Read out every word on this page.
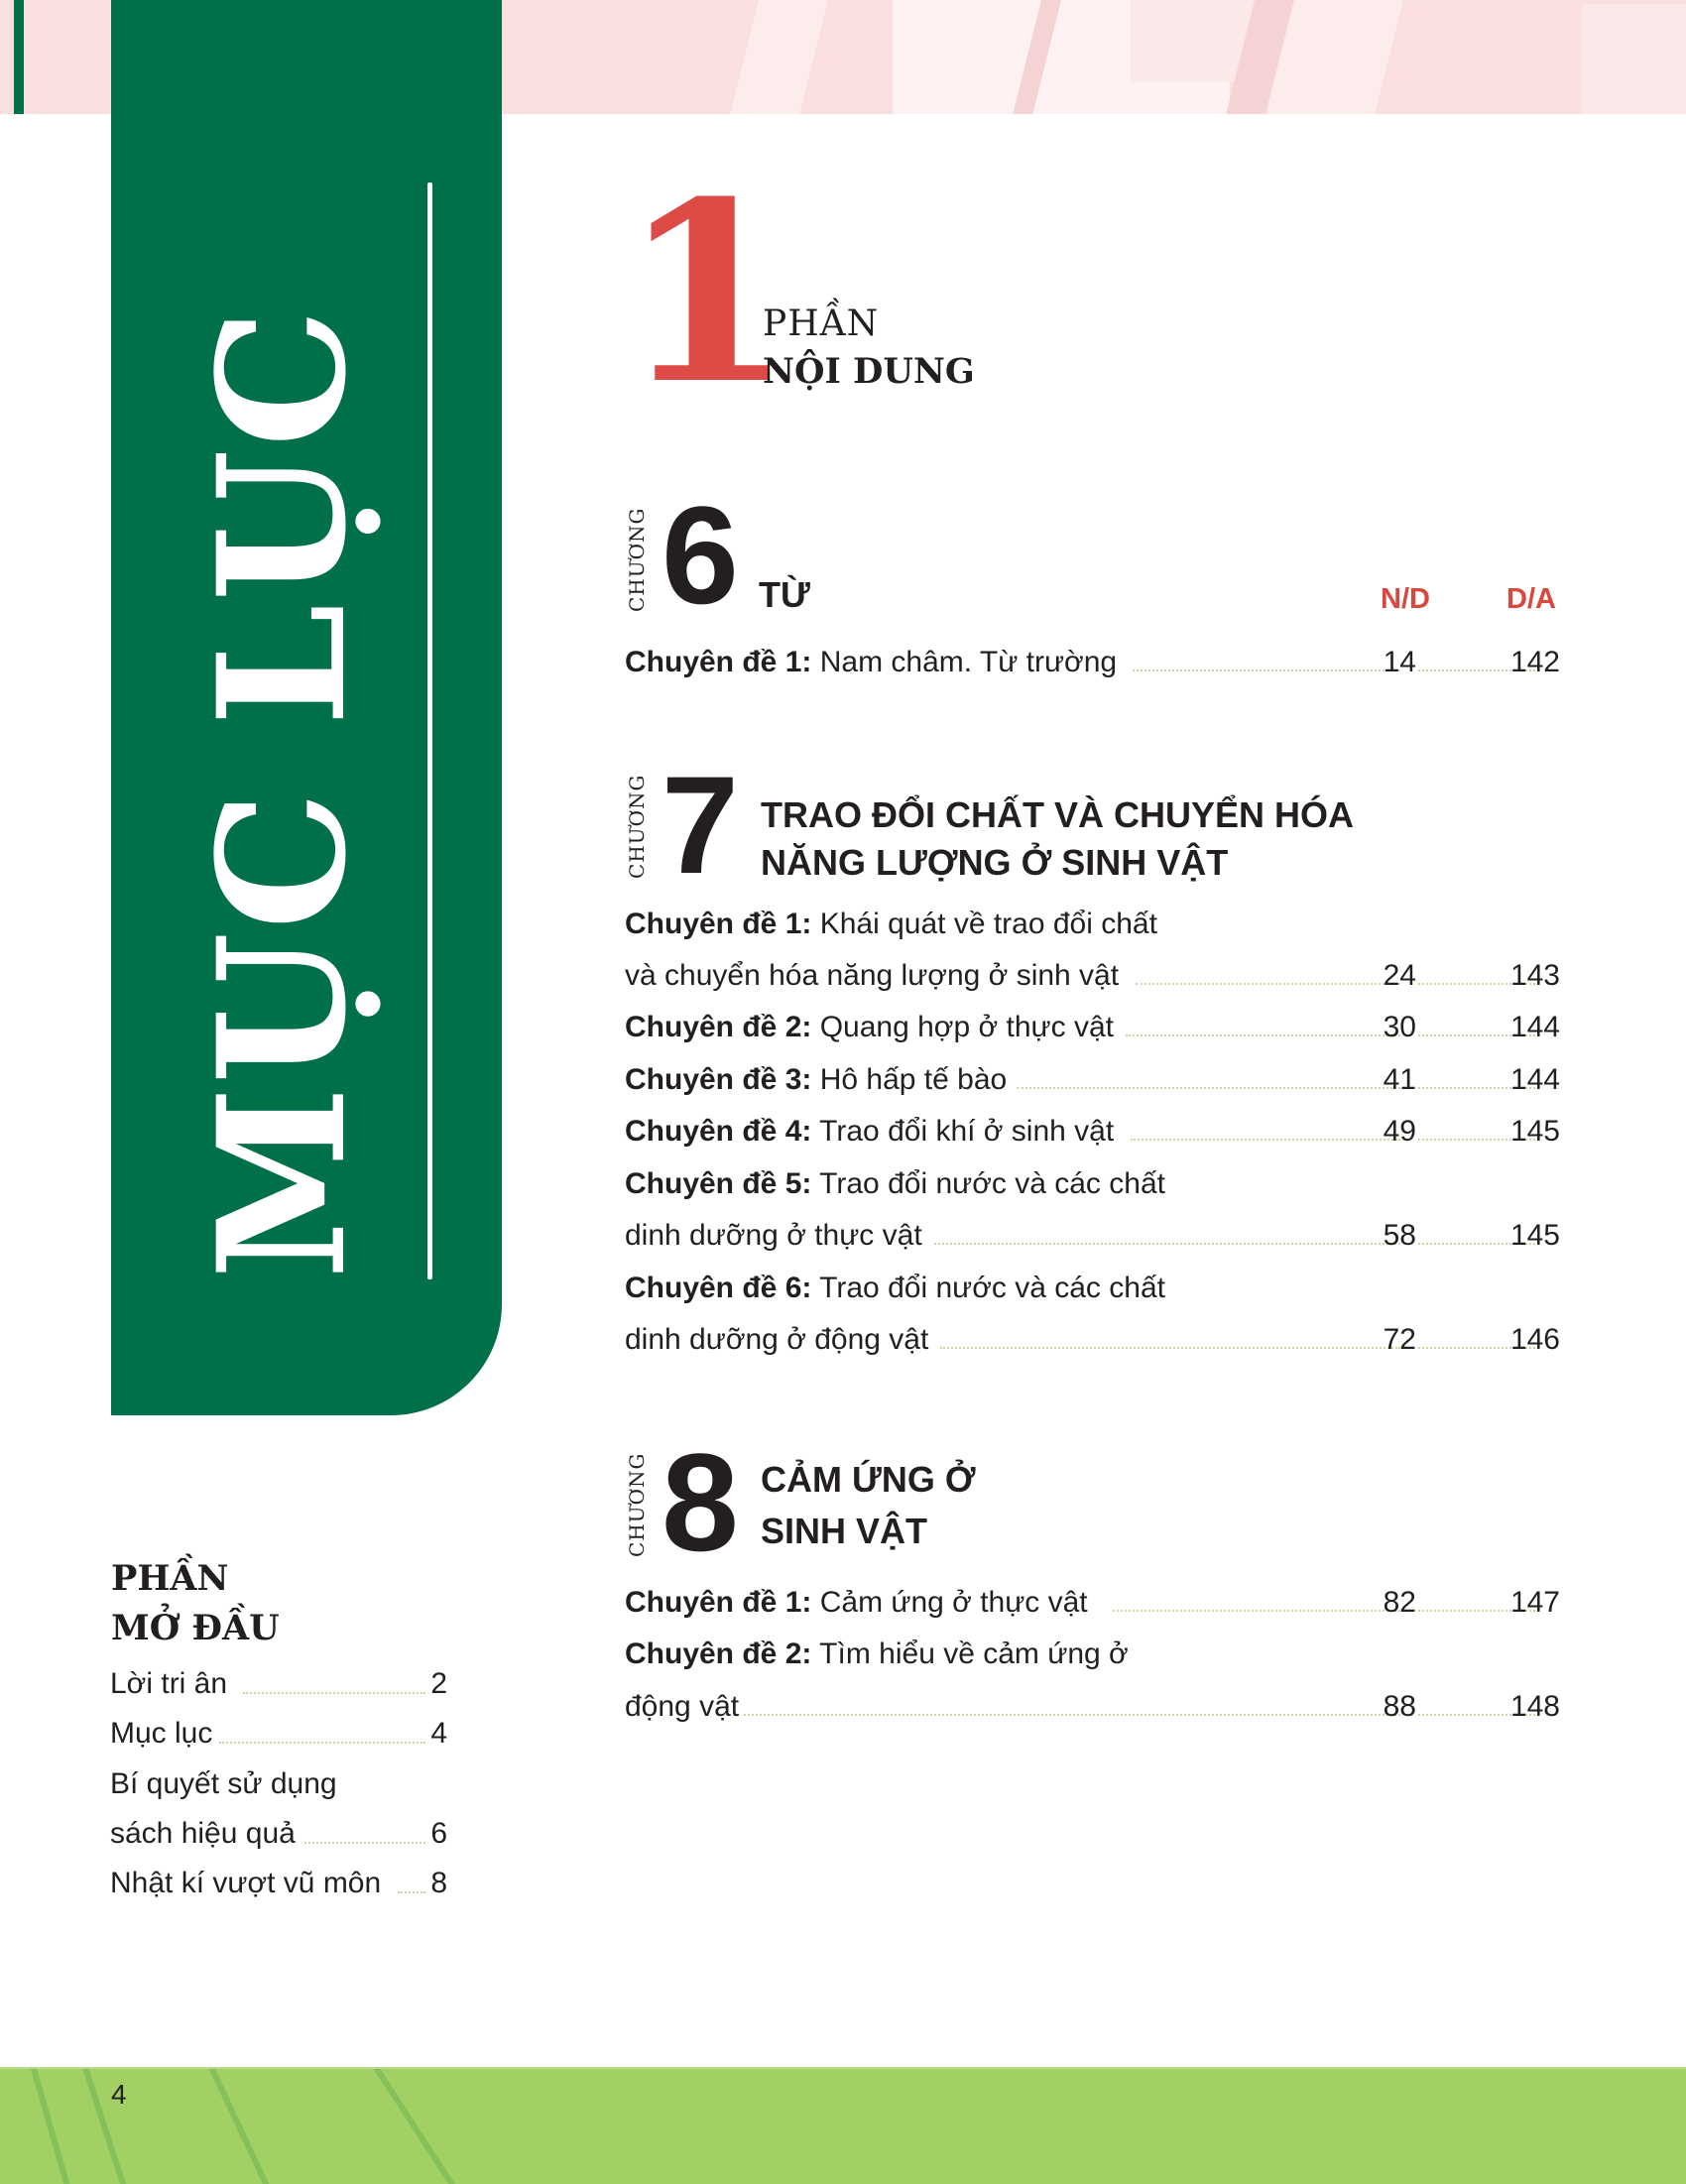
MỤC LỤC
1
PHẦN
NỘI DUNG
CHƯƠNG 6 TỪ	N/D	D/A
Chuyên đề 1: Nam châm. Từ trường	14	142
CHƯƠNG 7 TRAO ĐỔI CHẤT VÀ CHUYỂN HÓA
NĂNG LƯỢNG Ở SINH VẬT
Chuyên đề 1: Khái quát về trao đổi chất
và chuyển hóa năng lượng ở sinh vật	24	143
Chuyên đề 2: Quang hợp ở thực vật	30	144
Chuyên đề 3: Hô hấp tế bào	41	144
Chuyên đề 4: Trao đổi khí ở sinh vật	49	145
Chuyên đề 5: Trao đổi nước và các chất
dinh dưỡng ở thực vật	58	145
Chuyên đề 6: Trao đổi nước và các chất
dinh dưỡng ở động vật	72	146
CHƯƠNG 8 CẢM ỨNG Ở
SINH VẬT
Chuyên đề 1: Cảm ứng ở thực vật	82	147
Chuyên đề 2: Tìm hiểu về cảm ứng ở
động vật	88	148
PHẦN
MỞ ĐẦU
Lời tri ân	2
Mục lục	4
Bí quyết sử dụng
sách hiệu quả	6
Nhật kí vượt vũ môn 8
4
